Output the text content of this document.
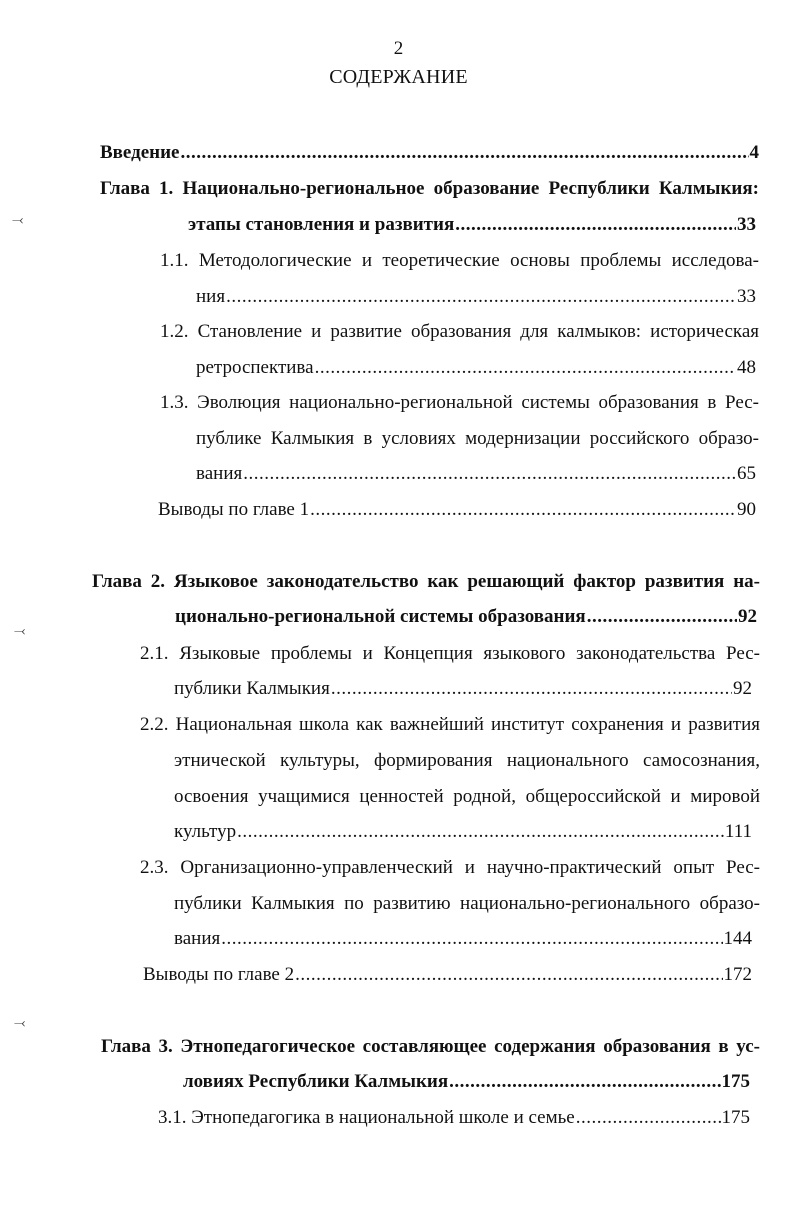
2
СОДЕРЖАНИЕ
⤙
⤙
⤙
Введение .....	4
Глава 1. Национально-региональное образование Республики Калмыкия:
этапы становления и развития .....	33
1.1. Методологические и теоретические основы проблемы исследова-
ния .....	33
1.2. Становление и развитие образования для калмыков: историческая
ретроспектива .....	48
1.3. Эволюция национально-региональной системы образования в Рес-
публике Калмыкия в условиях модернизации российского образо-
вания .....	65
Выводы по главе 1 .....	90
Глава 2. Языковое законодательство как решающий фактор развития на-
ционально-региональной системы образования .....	92
2.1. Языковые проблемы и Концепция языкового законодательства Рес-
публики Калмыкия .....	92
2.2. Национальная школа как важнейший институт сохранения и развития
этнической культуры, формирования национального самосознания,
освоения учащимися ценностей родной, общероссийской и мировой
культур .....	111
2.3. Организационно-управленческий и научно-практический опыт Рес-
публики Калмыкия по развитию национально-регионального образо-
вания .....	144
Выводы по главе 2 .....	172
Глава 3. Этнопедагогическое составляющее содержания образования в ус-
ловиях Республики Калмыкия .....	175
3.1. Этнопедагогика в национальной школе и семье .....	175
